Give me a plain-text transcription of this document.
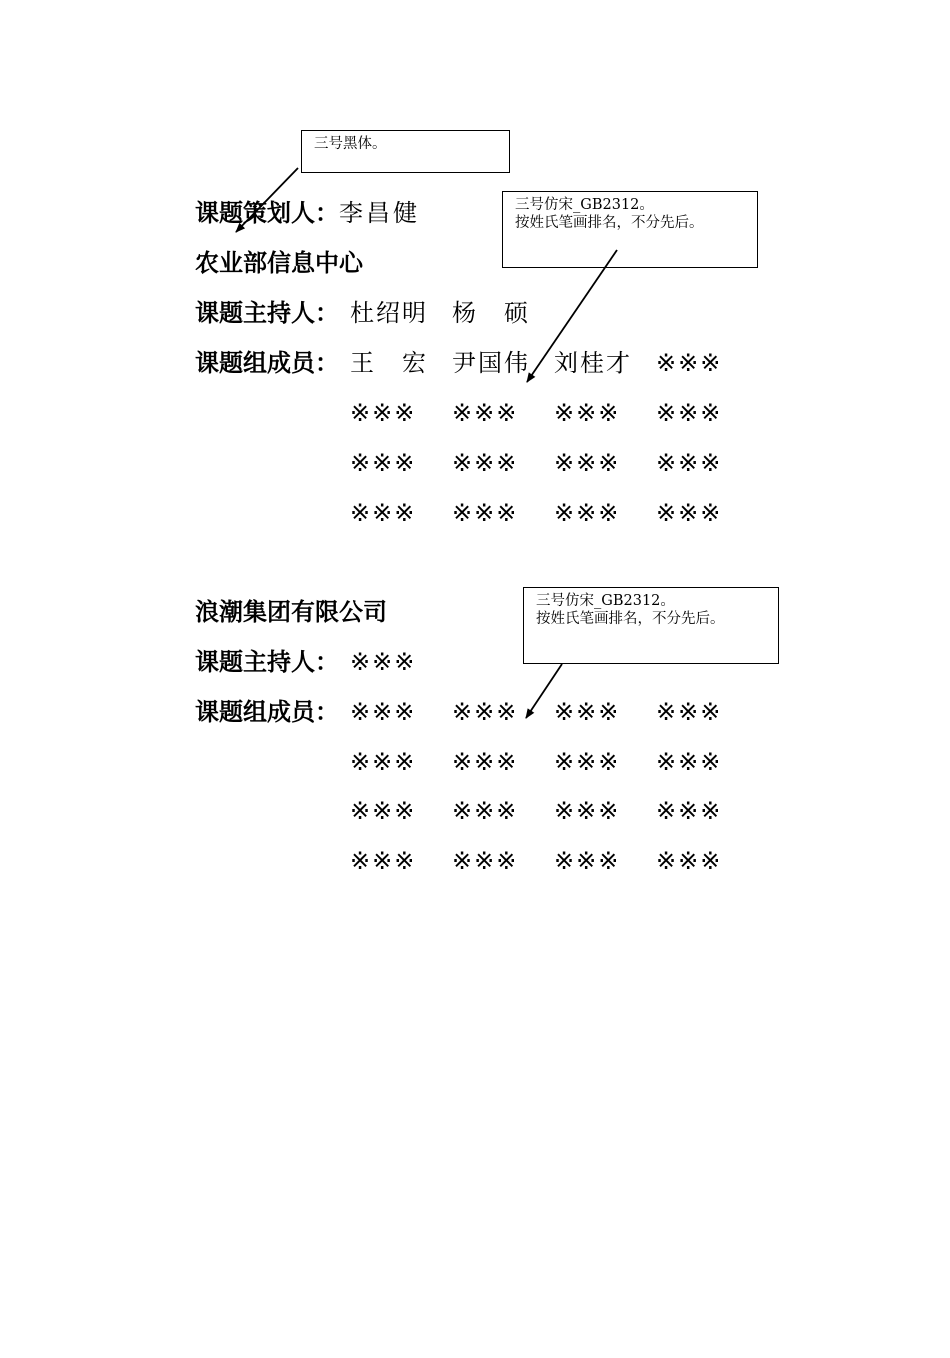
三号黑体。
三号仿宋_GB2312。
按姓氏笔画排名，不分先后。
三号仿宋_GB2312。
按姓氏笔画排名，不分先后。
课题策划人：李昌健
农业部信息中心
课题主持人： 杜绍明 杨　硕
课题组成员： 王　宏 尹国伟 刘桂才 ※※※
※※※ ※※※ ※※※ ※※※
※※※ ※※※ ※※※ ※※※
※※※ ※※※ ※※※ ※※※
浪潮集团有限公司
课题主持人： ※※※
课题组成员： ※※※ ※※※ ※※※ ※※※
※※※ ※※※ ※※※ ※※※
※※※ ※※※ ※※※ ※※※
※※※ ※※※ ※※※ ※※※
